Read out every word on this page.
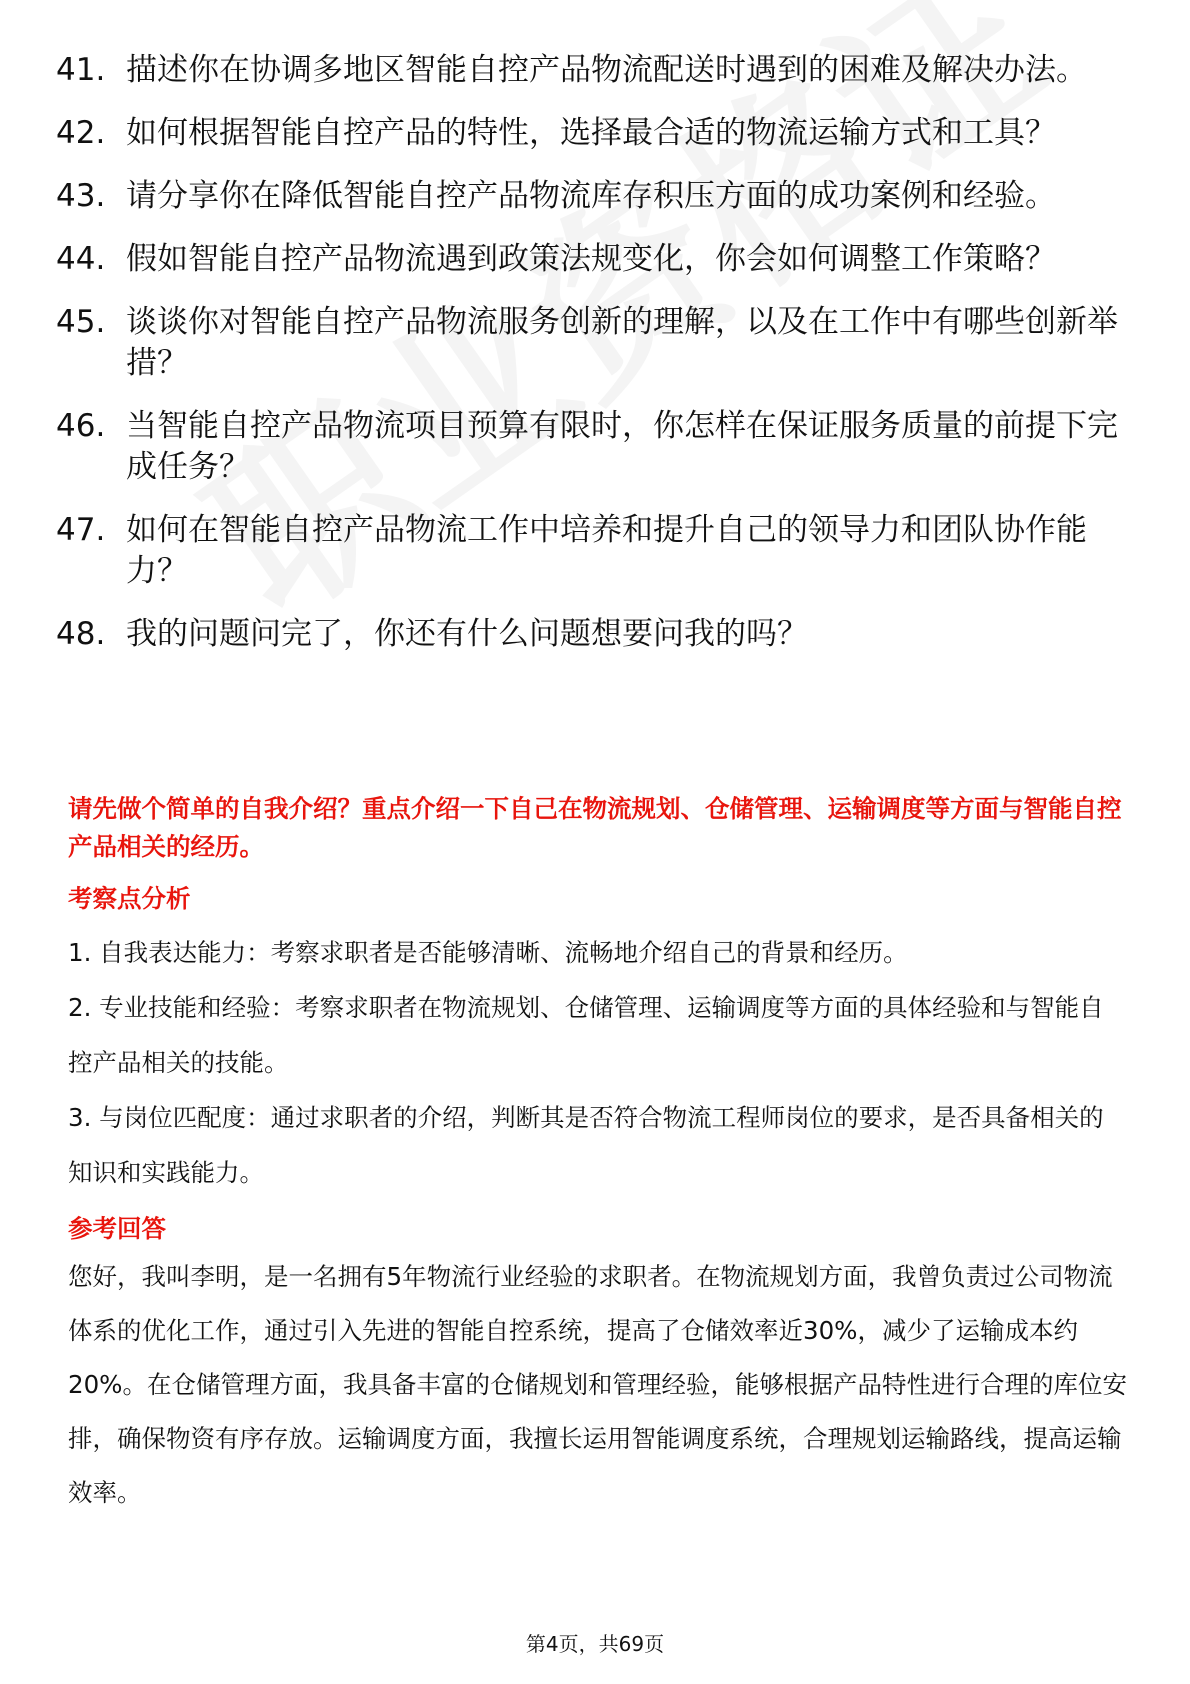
41. 描述你在协调多地区智能自控产品物流配送时遇到的困难及解决办法。
42. 如何根据智能自控产品的特性，选择最合适的物流运输方式和工具？
43. 请分享你在降低智能自控产品物流库存积压方面的成功案例和经验。
44. 假如智能自控产品物流遇到政策法规变化，你会如何调整工作策略？
45. 谈谈你对智能自控产品物流服务创新的理解，以及在工作中有哪些创新举措？
46. 当智能自控产品物流项目预算有限时，你怎样在保证服务质量的前提下完成任务？
47. 如何在智能自控产品物流工作中培养和提升自己的领导力和团队协作能力？
48. 我的问题问完了，你还有什么问题想要问我的吗？
请先做个简单的自我介绍？重点介绍一下自己在物流规划、仓储管理、运输调度等方面与智能自控产品相关的经历。
考察点分析
1. 自我表达能力：考察求职者是否能够清晰、流畅地介绍自己的背景和经历。
2. 专业技能和经验：考察求职者在物流规划、仓储管理、运输调度等方面的具体经验和与智能自控产品相关的技能。
3. 与岗位匹配度：通过求职者的介绍，判断其是否符合物流工程师岗位的要求，是否具备相关的知识和实践能力。
参考回答
您好，我叫李明，是一名拥有5年物流行业经验的求职者。在物流规划方面，我曾负责过公司物流体系的优化工作，通过引入先进的智能自控系统，提高了仓储效率近30%，减少了运输成本约20%。在仓储管理方面，我具备丰富的仓储规划和管理经验，能够根据产品特性进行合理的库位安排，确保物资有序存放。运输调度方面，我擅长运用智能调度系统，合理规划运输路线，提高运输效率。
第4页，共69页
